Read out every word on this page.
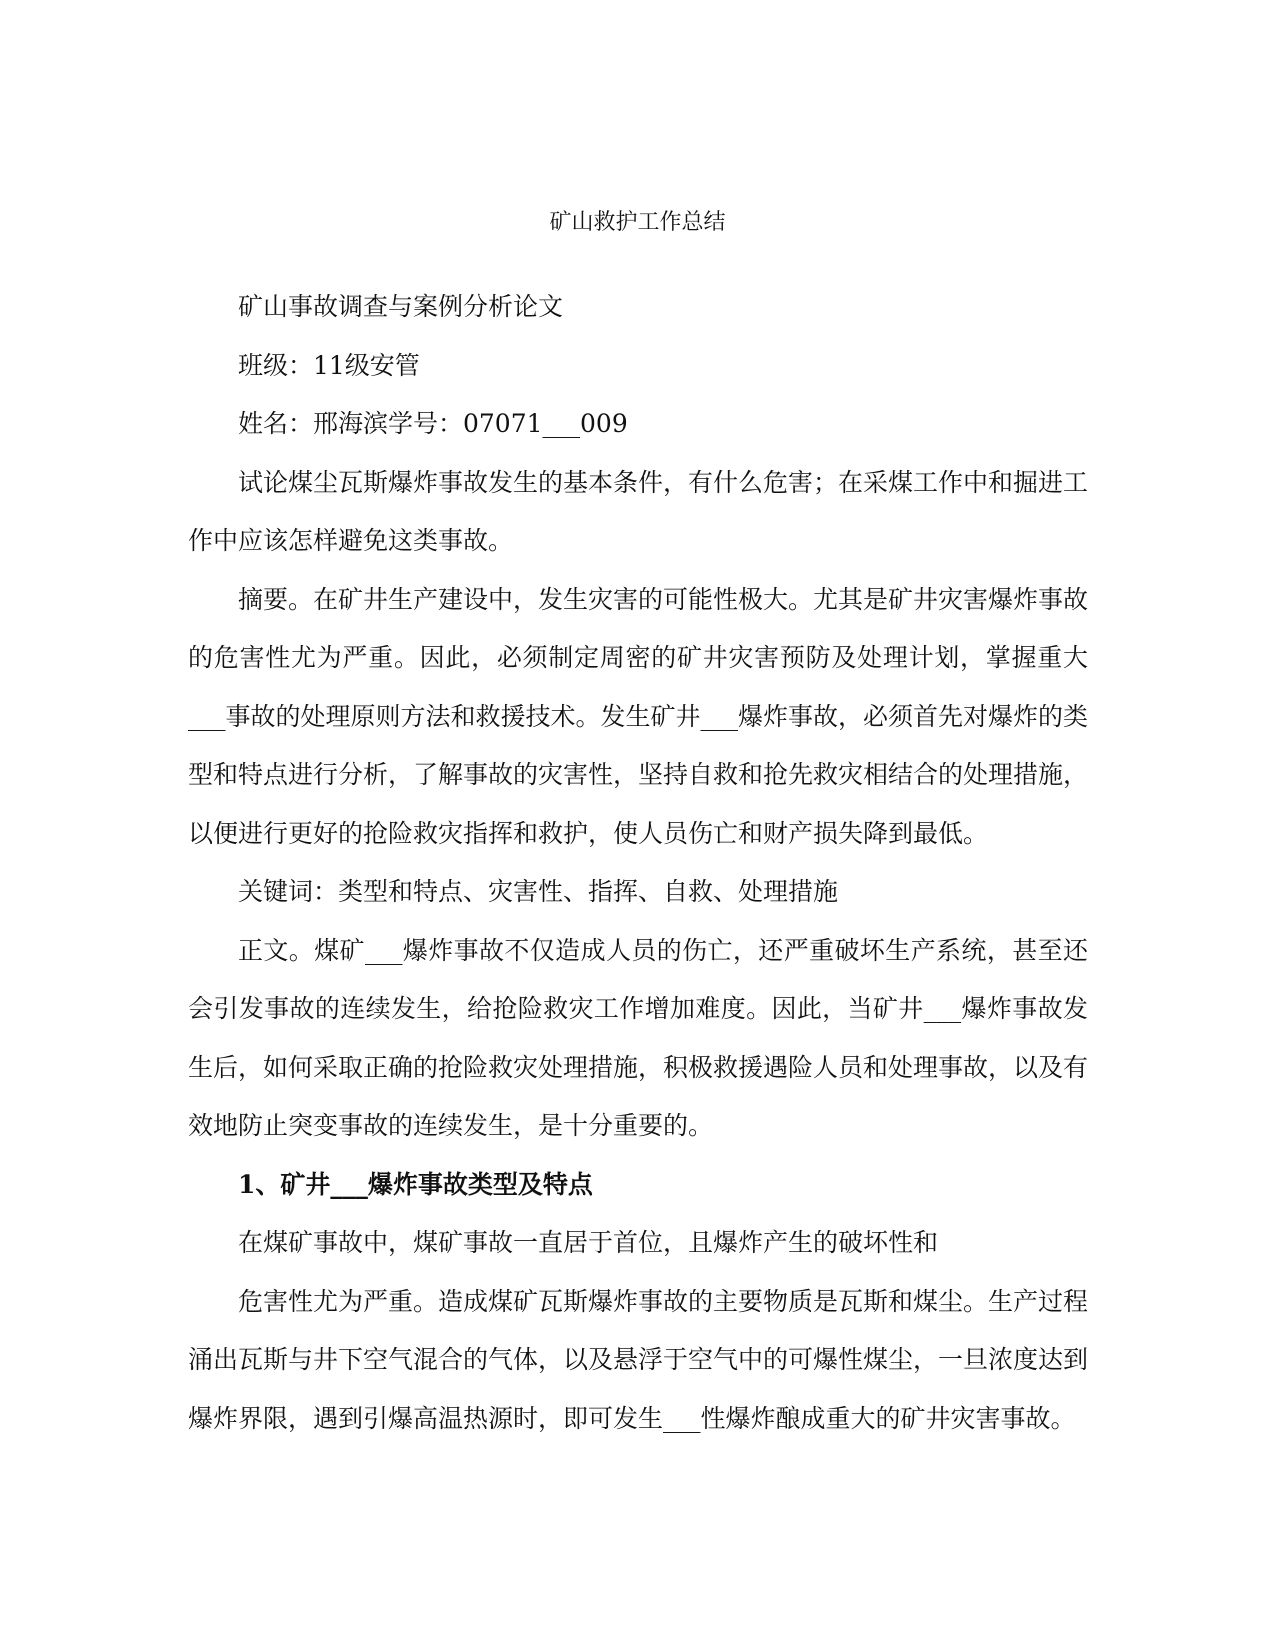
矿山救护工作总结

矿山事故调查与案例分析论文

班级：11级安管

姓名：邢海滨学号：07071___009

试论煤尘瓦斯爆炸事故发生的基本条件，有什么危害；在采煤工作中和掘进工作中应该怎样避免这类事故。

摘要。在矿井生产建设中，发生灾害的可能性极大。尤其是矿井灾害爆炸事故的危害性尤为严重。因此，必须制定周密的矿井灾害预防及处理计划，掌握重大___事故的处理原则方法和救援技术。发生矿井___爆炸事故，必须首先对爆炸的类型和特点进行分析，了解事故的灾害性，坚持自救和抢先救灾相结合的处理措施，以便进行更好的抢险救灾指挥和救护，使人员伤亡和财产损失降到最低。

关键词：类型和特点、灾害性、指挥、自救、处理措施

正文。煤矿___爆炸事故不仅造成人员的伤亡，还严重破坏生产系统，甚至还会引发事故的连续发生，给抢险救灾工作增加难度。因此，当矿井___爆炸事故发生后，如何采取正确的抢险救灾处理措施，积极救援遇险人员和处理事故，以及有效地防止突变事故的连续发生，是十分重要的。

1、矿井___爆炸事故类型及特点

在煤矿事故中，煤矿事故一直居于首位，且爆炸产生的破坏性和

危害性尤为严重。造成煤矿瓦斯爆炸事故的主要物质是瓦斯和煤尘。生产过程涌出瓦斯与井下空气混合的气体，以及悬浮于空气中的可爆性煤尘，一旦浓度达到爆炸界限，遇到引爆高温热源时，即可发生___性爆炸酿成重大的矿井灾害事故。
